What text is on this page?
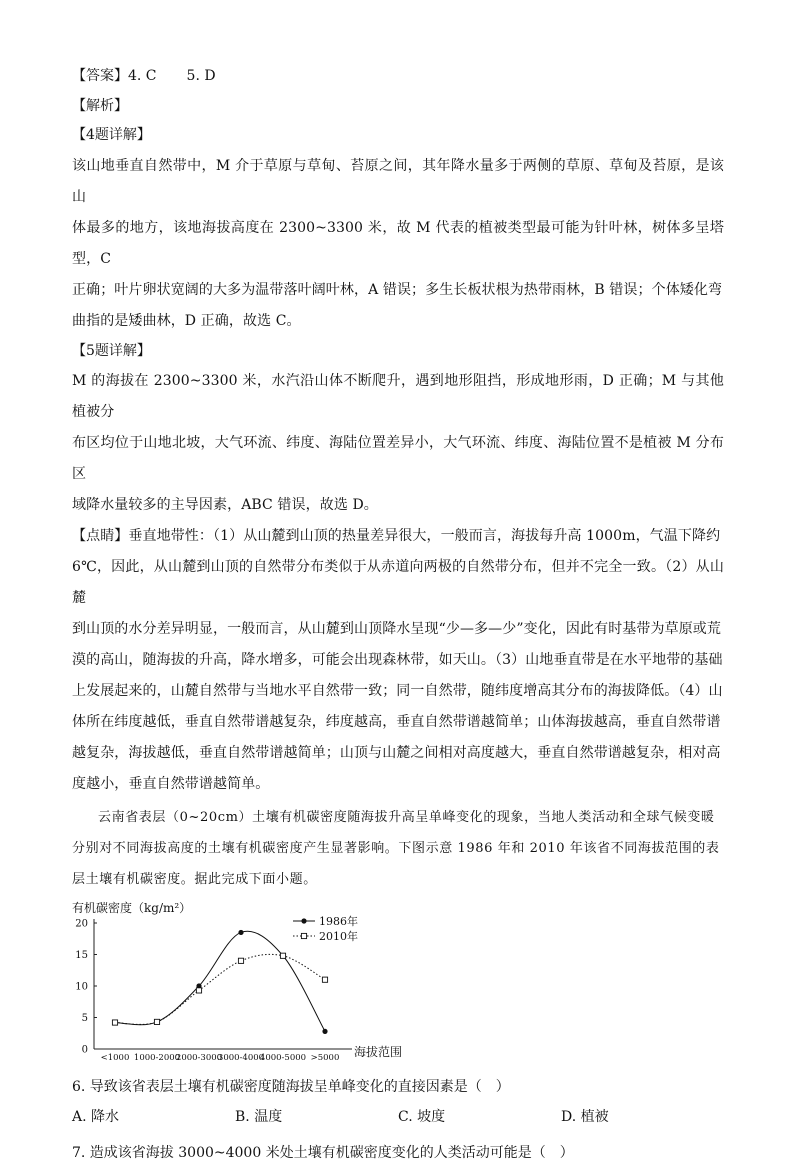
【答案】4. C 5. D

【解析】

【4题详解】

该山地垂直自然带中，M 介于草原与草甸、苔原之间，其年降水量多于两侧的草原、草甸及苔原，是该山

体最多的地方，该地海拔高度在 2300~3300 米，故 M 代表的植被类型最可能为针叶林，树体多呈塔型，C

正确；叶片卵状宽阔的大多为温带落叶阔叶林，A 错误；多生长板状根为热带雨林，B 错误；个体矮化弯

曲指的是矮曲林，D 正确，故选 C。

【5题详解】

M 的海拔在 2300~3300 米，水汽沿山体不断爬升，遇到地形阻挡，形成地形雨，D 正确；M 与其他植被分

布区均位于山地北坡，大气环流、纬度、海陆位置差异小，大气环流、纬度、海陆位置不是植被 M 分布区

域降水量较多的主导因素，ABC 错误，故选 D。

【点睛】垂直地带性：（1）从山麓到山顶的热量差异很大，一般而言，海拔每升高 1000m，气温下降约

6℃，因此，从山麓到山顶的自然带分布类似于从赤道向两极的自然带分布，但并不完全一致。（2）从山麓

到山顶的水分差异明显，一般而言，从山麓到山顶降水呈现“少—多—少”变化，因此有时基带为草原或荒

漠的高山，随海拔的升高，降水增多，可能会出现森林带，如天山。（3）山地垂直带是在水平地带的基础

上发展起来的，山麓自然带与当地水平自然带一致；同一自然带，随纬度增高其分布的海拔降低。（4）山

体所在纬度越低，垂直自然带谱越复杂，纬度越高，垂直自然带谱越简单；山体海拔越高，垂直自然带谱

越复杂，海拔越低，垂直自然带谱越简单；山顶与山麓之间相对高度越大，垂直自然带谱越复杂，相对高

度越小，垂直自然带谱越简单。

云南省表层（0~20cm）土壤有机碳密度随海拔升高呈单峰变化的现象，当地人类活动和全球气候变暖

分别对不同海拔高度的土壤有机碳密度产生显著影响。下图示意 1986 年和 2010 年该省不同海拔范围的表

层土壤有机碳密度。据此完成下面小题。

有机碳密度（kg/m²）
0
5
10
15
20
<1000 1000-2000
2000-3000
3000-4000
4000-5000 >5000 海拔范围
1986年
2010年

6. 导致该省表层土壤有机碳密度随海拔呈单峰变化的直接因素是（　）

A. 降水	B. 温度	C. 坡度	D. 植被

7. 造成该省海拔 3000~4000 米处土壤有机碳密度变化的人类活动可能是（　）
